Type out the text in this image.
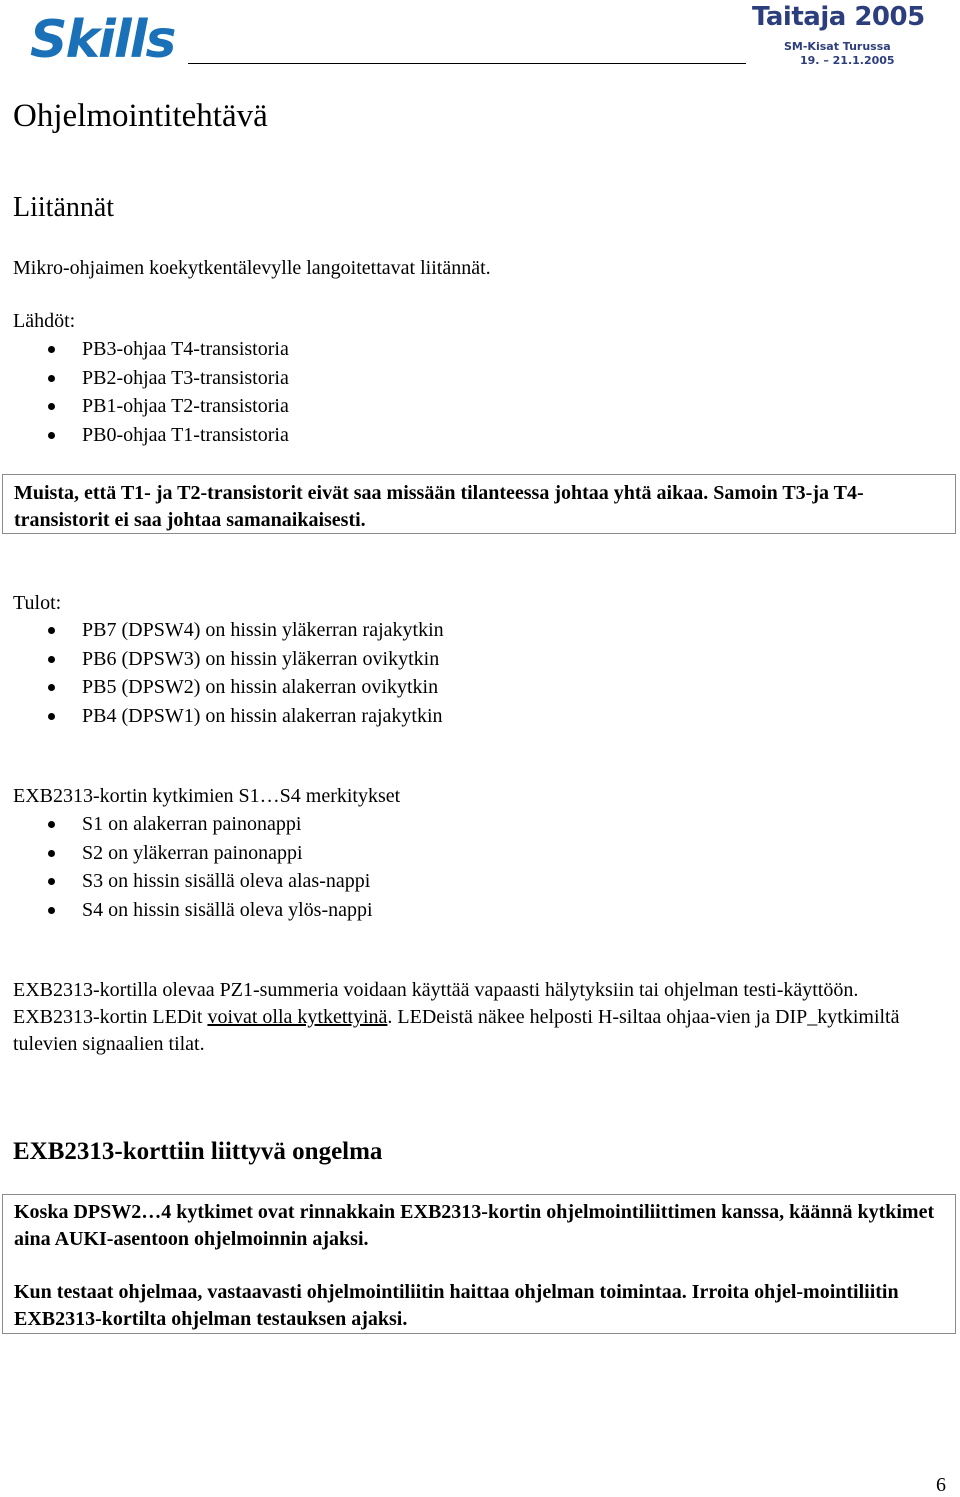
Skills	Taitaja 2005
SM-Kisat Turussa
19. – 21.1.2005
Ohjelmointitehtävä
Liitännät

Mikro-ohjaimen koekytkentälevylle langoitettavat liitännät.

Lähdöt:

PB3-ohjaa T4-transistoria
PB2-ohjaa T3-transistoria
PB1-ohjaa T2-transistoria
PB0-ohjaa T1-transistoria

Muista, että T1- ja T2-transistorit eivät saa missään tilanteessa johtaa yhtä aikaa. Samoin T3-ja T4-transistorit ei saa johtaa samanaikaisesti.

Tulot:

PB7 (DPSW4) on hissin yläkerran rajakytkin
PB6 (DPSW3) on hissin yläkerran ovikytkin
PB5 (DPSW2) on hissin alakerran ovikytkin
PB4 (DPSW1) on hissin alakerran rajakytkin

EXB2313-kortin kytkimien S1…S4 merkitykset

S1 on alakerran painonappi
S2 on yläkerran painonappi
S3 on hissin sisällä oleva alas-nappi
S4 on hissin sisällä oleva ylös-nappi

EXB2313-kortilla olevaa PZ1-summeria voidaan käyttää vapaasti hälytyksiin tai ohjelman testi-käyttöön. EXB2313-kortin LEDit voivat olla kytkettyinä. LEDeistä näkee helposti H-siltaa ohjaa-vien ja DIP_kytkimiltä tulevien signaalien tilat.

EXB2313-korttiin liittyvä ongelma

Koska DPSW2…4 kytkimet ovat rinnakkain EXB2313-kortin ohjelmointiliittimen kanssa, käännä kytkimet aina AUKI-asentoon ohjelmoinnin ajaksi.

Kun testaat ohjelmaa, vastaavasti ohjelmointiliitin haittaa ohjelman toimintaa. Irroita ohjel-mointiliitin EXB2313-kortilta ohjelman testauksen ajaksi.

6
